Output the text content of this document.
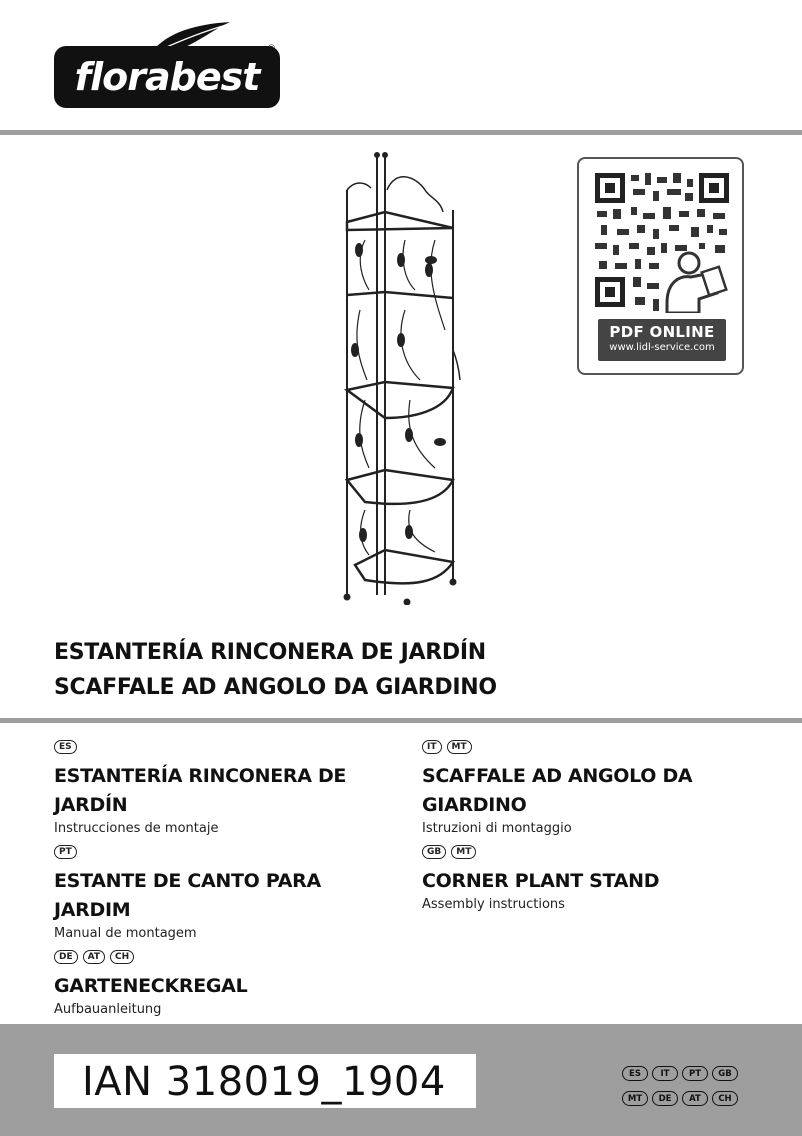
florabest
®
PDF ONLINE
www.lidl-service.com
ESTANTERÍA RINCONERA DE JARDÍN
SCAFFALE AD ANGOLO DA GIARDINO
ES
ESTANTERÍA RINCONERA DE
JARDÍN
Instrucciones de montaje
PT
ESTANTE DE CANTO PARA
JARDIM
Manual de montagem
DE	AT	CH
GARTENECKREGAL
Aufbauanleitung
IT	MT
SCAFFALE AD ANGOLO DA
GIARDINO
Istruzioni di montaggio
GB	MT
CORNER PLANT STAND
Assembly instructions
IAN 318019_1904	ES	IT	PT	GB
MT	DE	AT	CH
